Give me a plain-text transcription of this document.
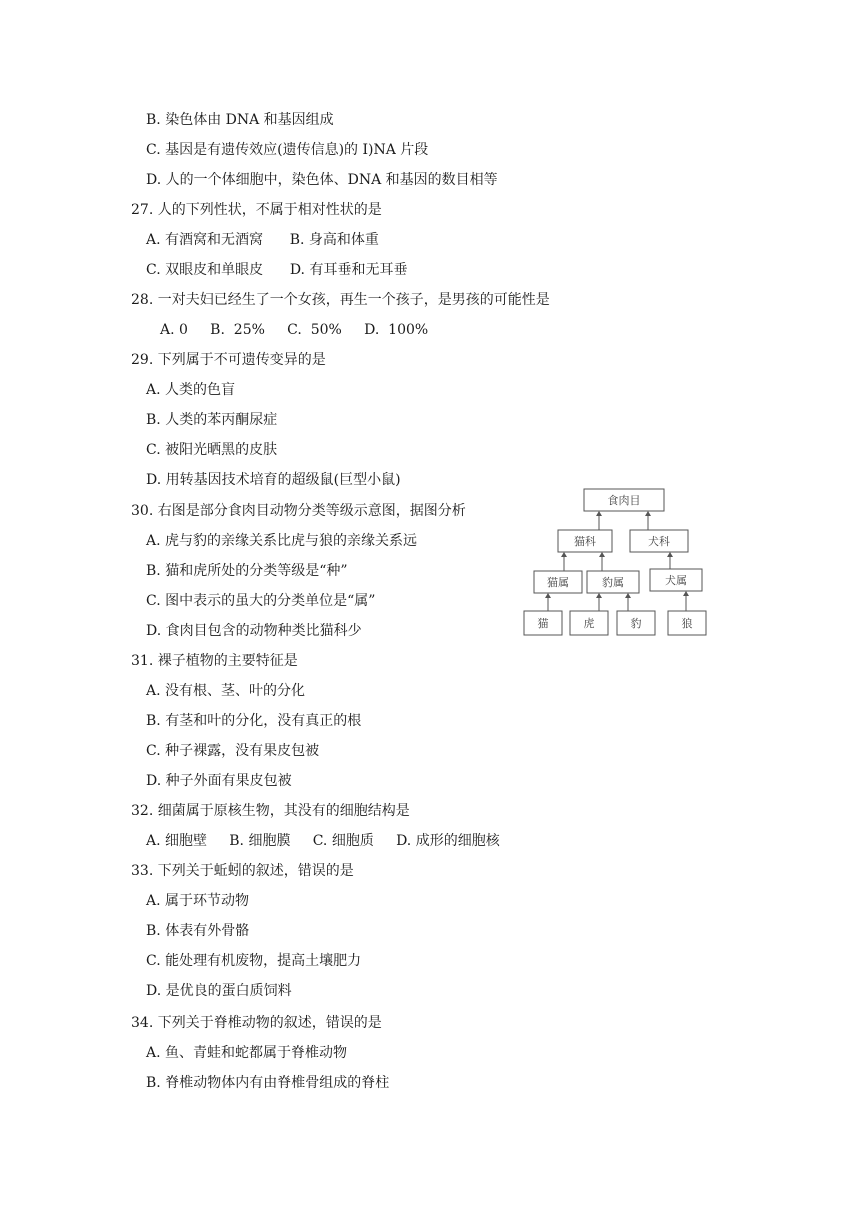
B. 染色体由 DNA 和基因组成
C. 基因是有遗传效应(遗传信息)的 I)NA 片段
D. 人的一个体细胞中，染色体、DNA 和基因的数目相等
27. 人的下列性状，不属于相对性状的是
A. 有酒窝和无酒窝      B. 身高和体重
C. 双眼皮和单眼皮      D. 有耳垂和无耳垂
28. 一对夫妇已经生了一个女孩，再生一个孩子，是男孩的可能性是
A. 0     B.  25%     C.  50%     D.  100%
29. 下列属于不可遗传变异的是
A. 人类的色盲
B. 人类的苯丙酮尿症
C. 被阳光晒黑的皮肤
D. 用转基因技术培育的超级鼠(巨型小鼠)
30. 右图是部分食肉目动物分类等级示意图，据图分析
A. 虎与豹的亲缘关系比虎与狼的亲缘关系远
B. 猫和虎所处的分类等级是“种”
C. 图中表示的虽大的分类单位是“属”
D. 食肉目包含的动物种类比猫科少
31. 裸子植物的主要特征是
A. 没有根、茎、叶的分化
B. 有茎和叶的分化，没有真正的根
C. 种子裸露，没有果皮包被
D. 种子外面有果皮包被
32. 细菌属于原核生物，其没有的细胞结构是
A. 细胞壁     B. 细胞膜     C. 细胞质     D. 成形的细胞核
33. 下列关于蚯蚓的叙述，错误的是
A. 属于环节动物
B. 体表有外骨骼
C. 能处理有机废物，提高土壤肥力
D. 是优良的蛋白质饲料
34. 下列关于脊椎动物的叙述，错误的是
A. 鱼、青蛙和蛇都属于脊椎动物
B. 脊椎动物体内有由脊椎骨组成的脊柱
食肉目
猫科	犬科
猫属	豹属	犬属
猫	虎	豹	狼
